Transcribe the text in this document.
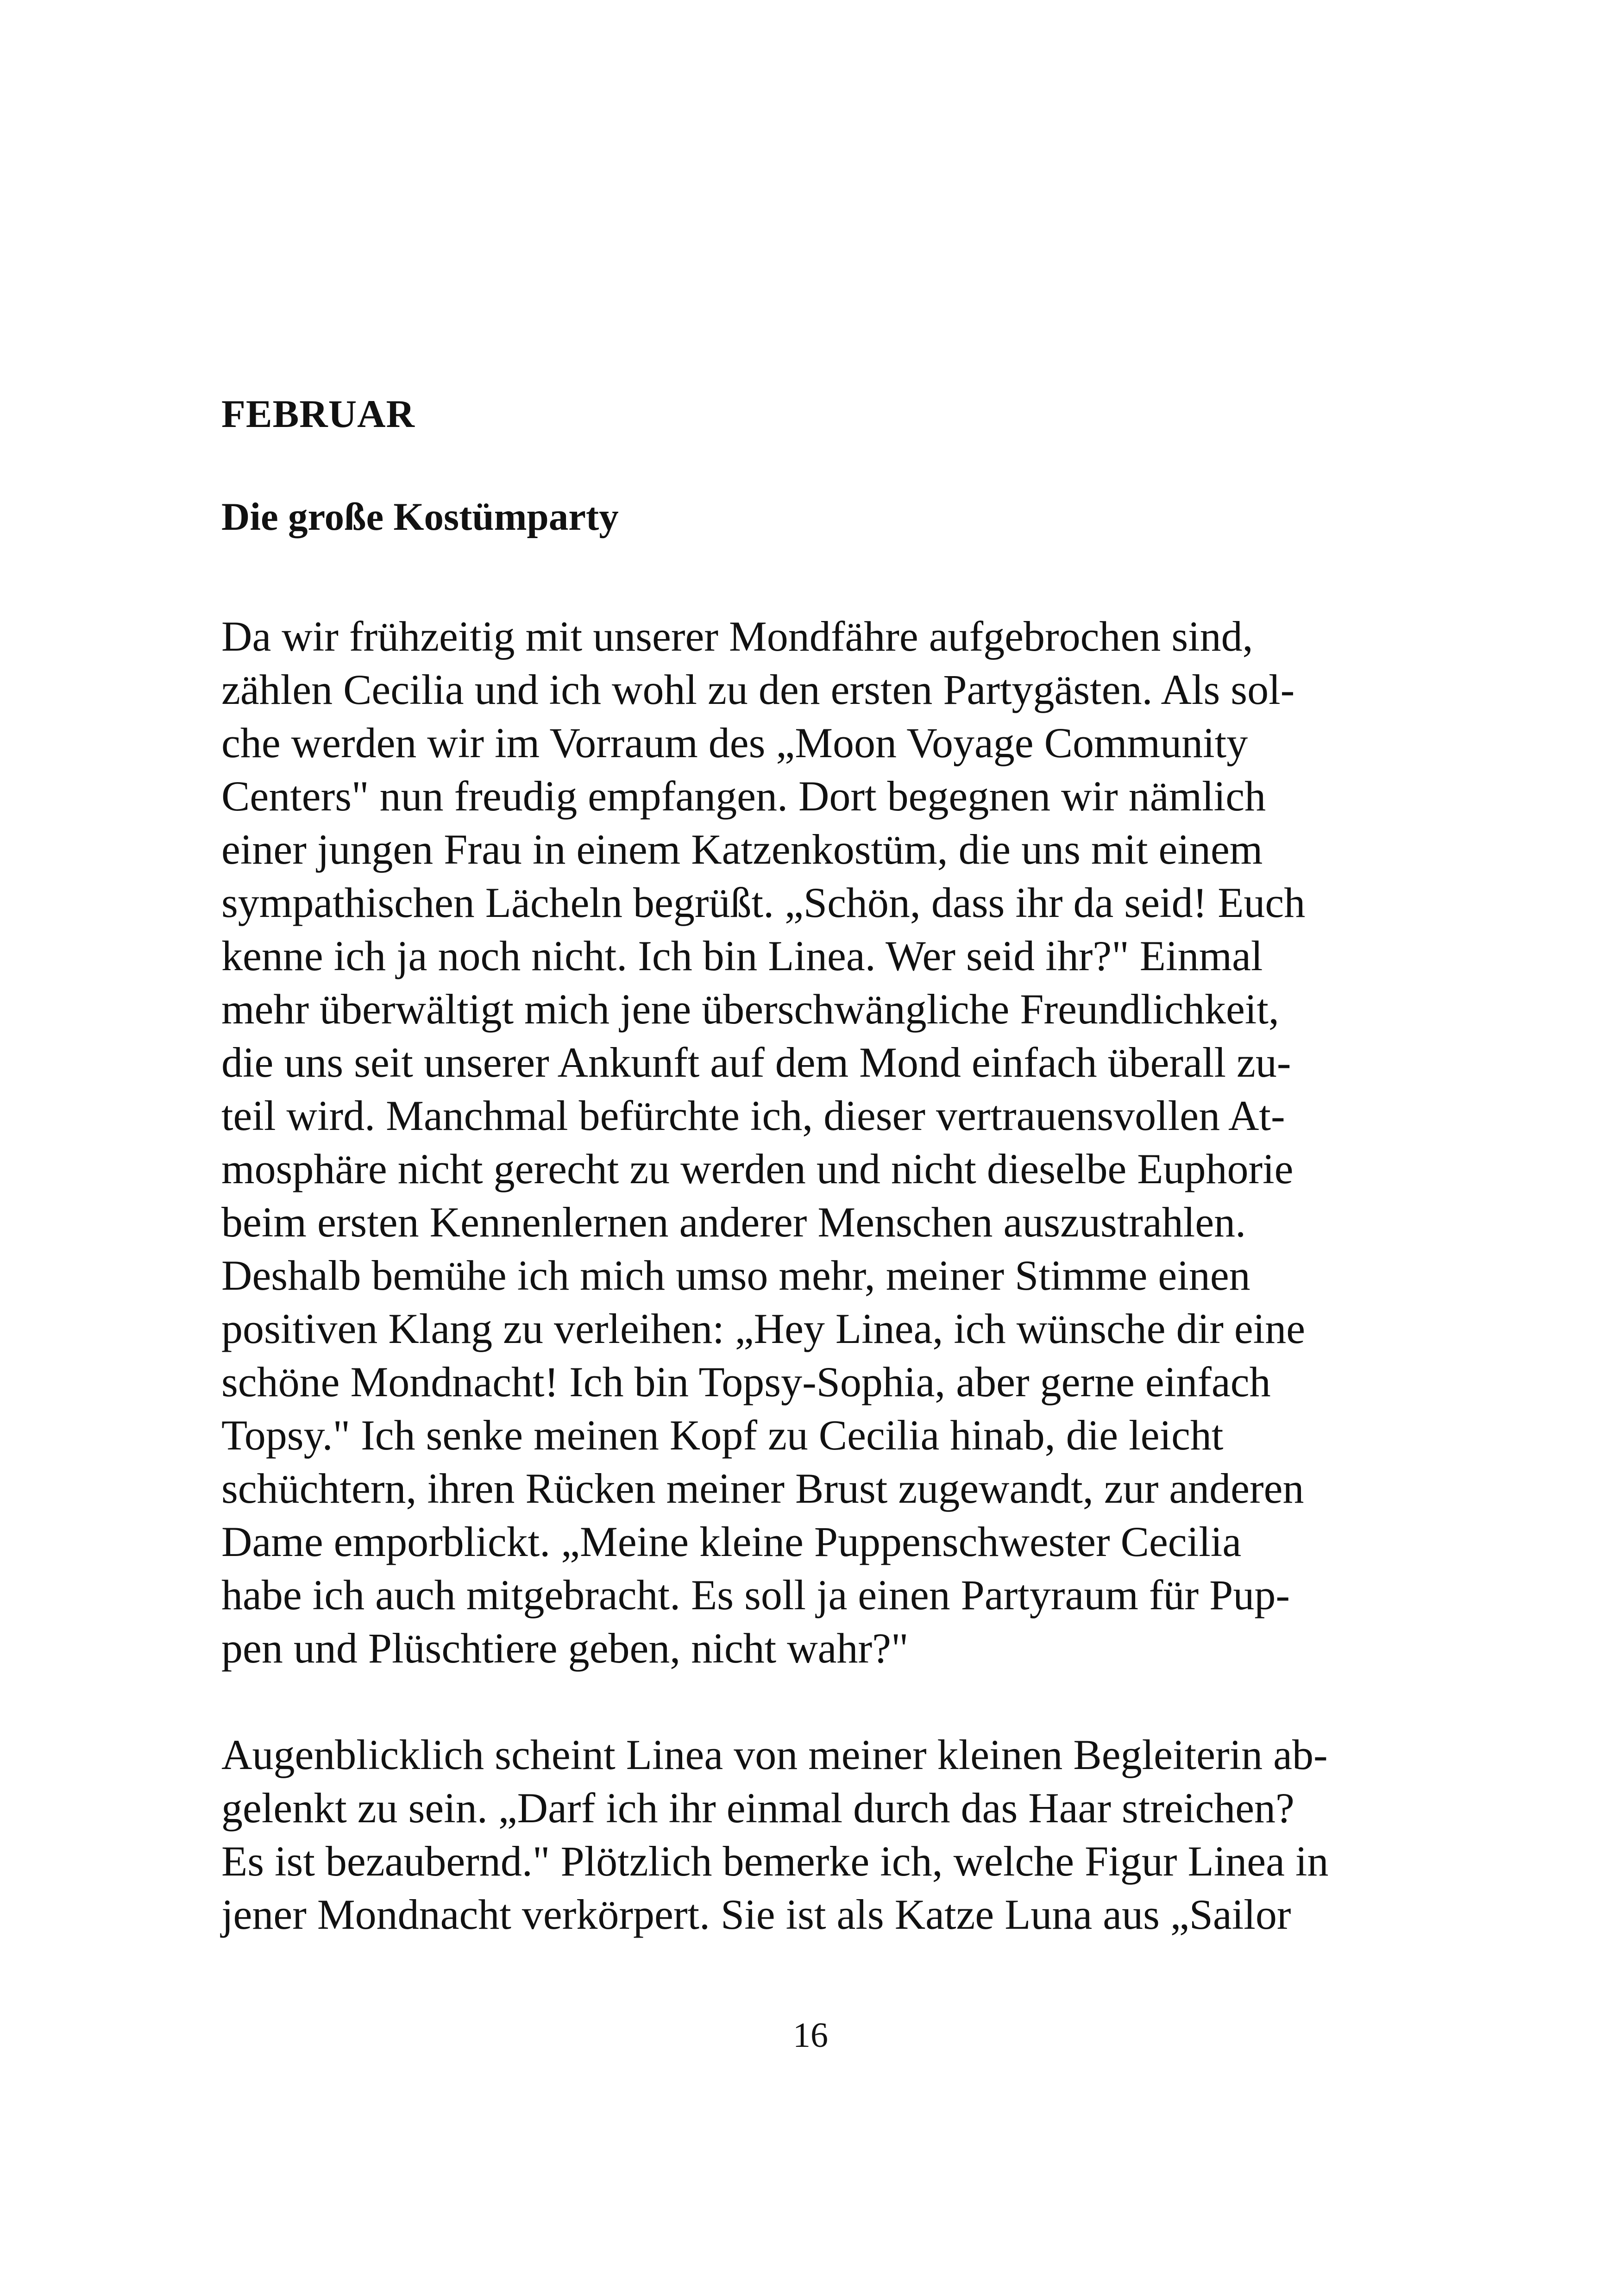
FEBRUAR
Die große Kostümparty

Da wir frühzeitig mit unserer Mondfähre aufgebrochen sind,
zählen Cecilia und ich wohl zu den ersten Partygästen. Als sol-
che werden wir im Vorraum des „Moon Voyage Community
Centers" nun freudig empfangen. Dort begegnen wir nämlich
einer jungen Frau in einem Katzenkostüm, die uns mit einem
sympathischen Lächeln begrüßt. „Schön, dass ihr da seid! Euch
kenne ich ja noch nicht. Ich bin Linea. Wer seid ihr?" Einmal
mehr überwältigt mich jene überschwängliche Freundlichkeit,
die uns seit unserer Ankunft auf dem Mond einfach überall zu-
teil wird. Manchmal befürchte ich, dieser vertrauensvollen At-
mosphäre nicht gerecht zu werden und nicht dieselbe Euphorie
beim ersten Kennenlernen anderer Menschen auszustrahlen.
Deshalb bemühe ich mich umso mehr, meiner Stimme einen
positiven Klang zu verleihen: „Hey Linea, ich wünsche dir eine
schöne Mondnacht! Ich bin Topsy-Sophia, aber gerne einfach
Topsy." Ich senke meinen Kopf zu Cecilia hinab, die leicht
schüchtern, ihren Rücken meiner Brust zugewandt, zur anderen
Dame emporblickt. „Meine kleine Puppenschwester Cecilia
habe ich auch mitgebracht. Es soll ja einen Partyraum für Pup-
pen und Plüschtiere geben, nicht wahr?"

Augenblicklich scheint Linea von meiner kleinen Begleiterin ab-
gelenkt zu sein. „Darf ich ihr einmal durch das Haar streichen?
Es ist bezaubernd." Plötzlich bemerke ich, welche Figur Linea in
jener Mondnacht verkörpert. Sie ist als Katze Luna aus „Sailor

16
